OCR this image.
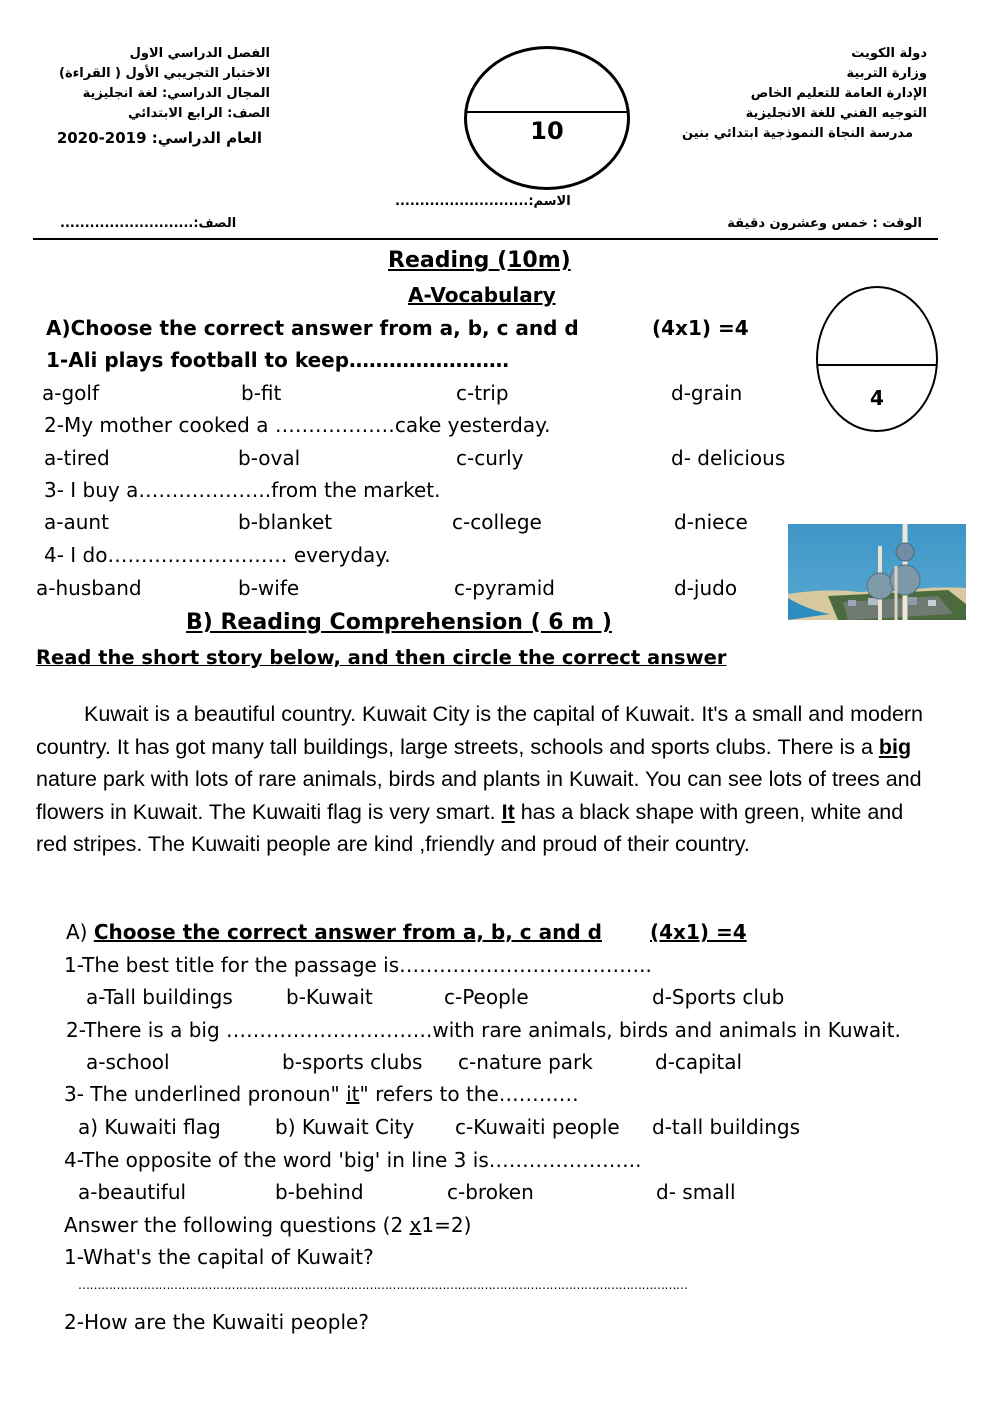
دولة الكويت
وزارة التربية
الإدارة العامة للتعليم الخاص
التوجيه الفني للغة الانجليزية
مدرسة النجاة النموذجية ابتدائي بنين
الفصل الدراسي الاول
الاختبار التجريبي الأول ( القراءة)
المجال الدراسي: لغة انجليزية
الصف: الرابع الابتدائي
العام الدراسي: 2019-2020	10
الاسم:...........................
الوقت : خمس وعشرون دقيقة
الصف:...........................
Reading (10m)
A-Vocabulary
A)Choose the correct answer from a, b, c and d	(4x1) =4
4
1-Ali plays football to keep……………………
a-golf	b-fit	c-trip	d-grain
2-My mother cooked a ………………cake yesterday.
a-tired	b-oval	c-curly	d- delicious
3- I buy a………………..from the market.
a-aunt	b-blanket	c-college	d-niece
4- I do……………………… everyday.
a-husband	b-wife	c-pyramid	d-judo
B) Reading Comprehension ( 6 m )
Read the short story below, and then circle the correct answer

Kuwait is a beautiful country. Kuwait City is the capital of Kuwait. It's a small and modern country. It has got many tall buildings, large streets, schools and sports clubs. There is a big nature park with lots of rare animals, birds and plants in Kuwait. You can see lots of trees and flowers in Kuwait. The Kuwaiti flag is very smart. It has a black shape with green, white and red stripes. The Kuwaiti people are kind ,friendly and proud of their country.

A) Choose the correct answer from a, b, c and d (4x1) =4
1-The best title for the passage is………………………………..
a-Tall buildings	b-Kuwait	c-People	d-Sports club
2-There is a big ………………………….with rare animals, birds and animals in Kuwait.
a-school	b-sports clubs c-nature park	d-capital
3- The underlined pronoun" it" refers to the…………
a) Kuwaiti flag	b) Kuwait City c-Kuwaiti people d-tall buildings
4-The opposite of the word 'big' in line 3 is…………………..
a-beautiful	b-behind	c-broken	d- small
Answer the following questions (2 x1=2)
1-What's the capital of Kuwait?
……………………………………………………………………………………………………………………………………………
2-How are the Kuwaiti people?
